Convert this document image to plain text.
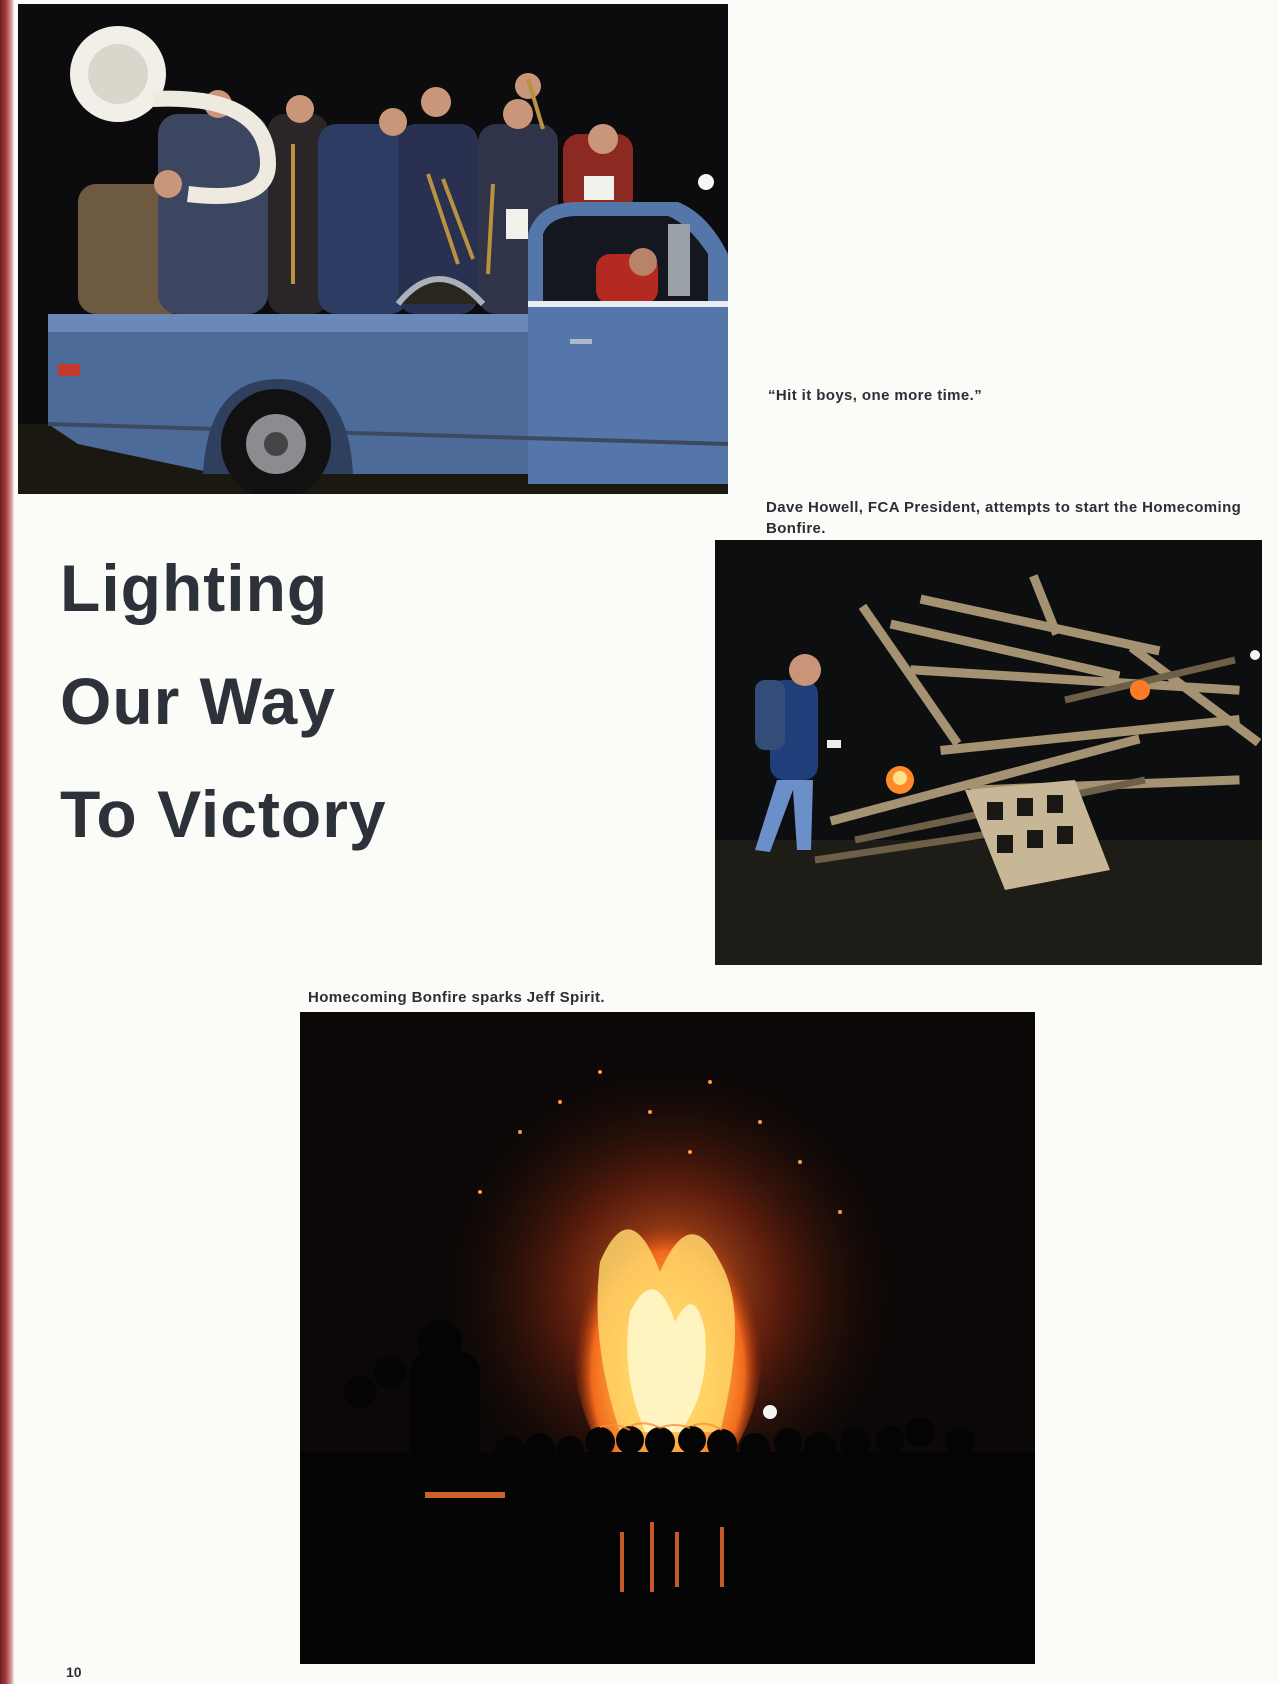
“Hit it boys, one more time.”

Dave Howell, FCA President, attempts to start the Homecoming Bonfire.

Lighting
Our Way
To Victory

Homecoming Bonfire sparks Jeff Spirit.

10
